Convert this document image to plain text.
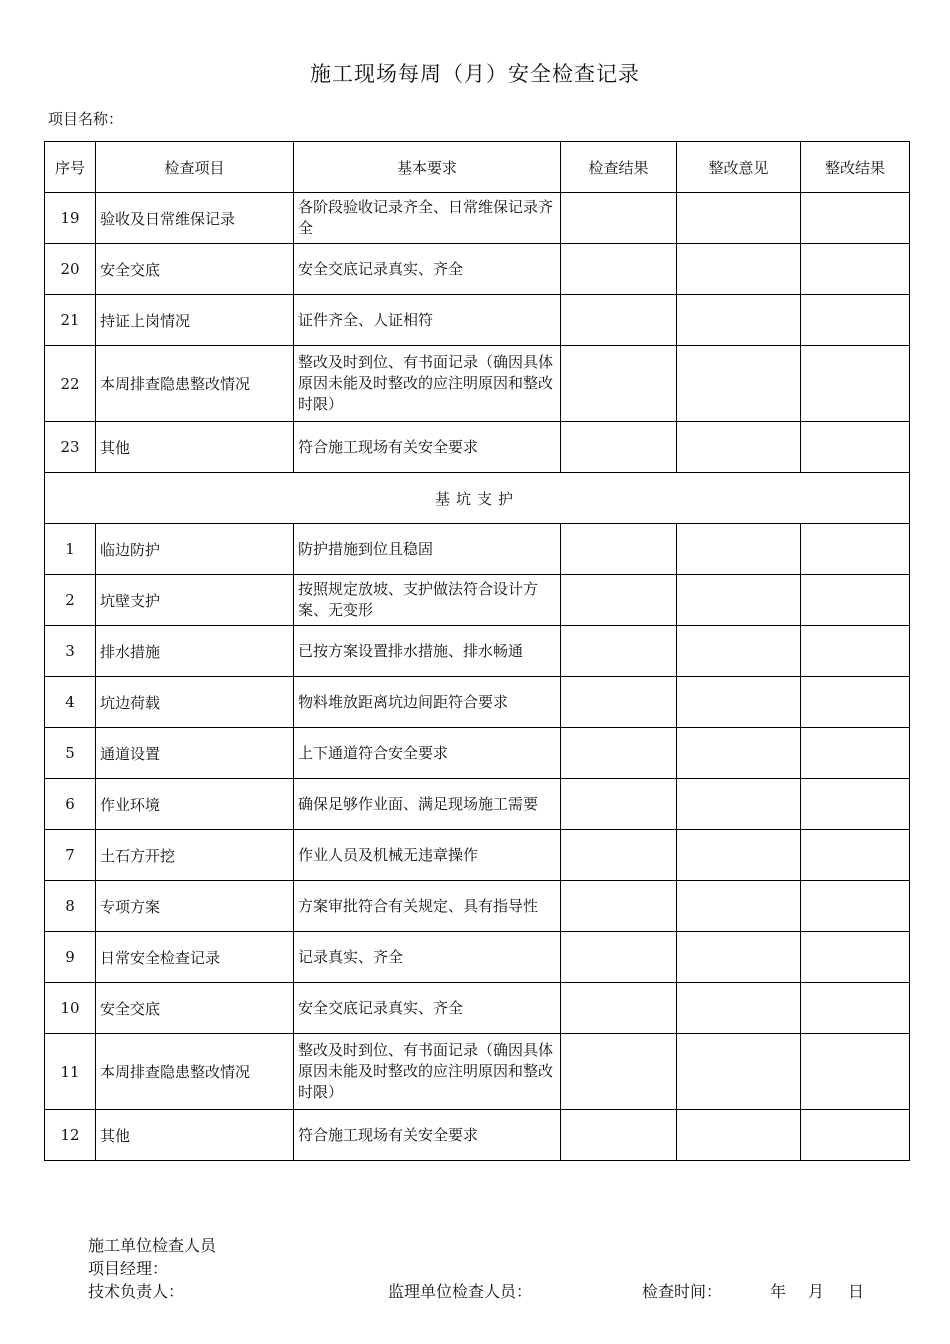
施工现场每周（月）安全检查记录
项目名称：
序号	检查项目	基本要求	检查结果	整改意见	整改结果
19	验收及日常维保记录	各阶段验收记录齐全、日常维保记录齐全			
20	安全交底	安全交底记录真实、齐全			
21	持证上岗情况	证件齐全、人证相符			
22	本周排查隐患整改情况	整改及时到位、有书面记录（确因具体原因未能及时整改的应注明原因和整改时限）			
23	其他	符合施工现场有关安全要求			
基坑支护					
1	临边防护	防护措施到位且稳固			
2	坑壁支护	按照规定放坡、支护做法符合设计方案、无变形			
3	排水措施	已按方案设置排水措施、排水畅通			
4	坑边荷载	物料堆放距离坑边间距符合要求			
5	通道设置	上下通道符合安全要求			
6	作业环境	确保足够作业面、满足现场施工需要			
7	土石方开挖	作业人员及机械无违章操作			
8	专项方案	方案审批符合有关规定、具有指导性			
9	日常安全检查记录	记录真实、齐全			
10	安全交底	安全交底记录真实、齐全			
11	本周排查隐患整改情况	整改及时到位、有书面记录（确因具体原因未能及时整改的应注明原因和整改时限）			
12	其他	符合施工现场有关安全要求			
施工单位检查人员
项目经理：
技术负责人：	监理单位检查人员：	检查时间：	年 月 日
